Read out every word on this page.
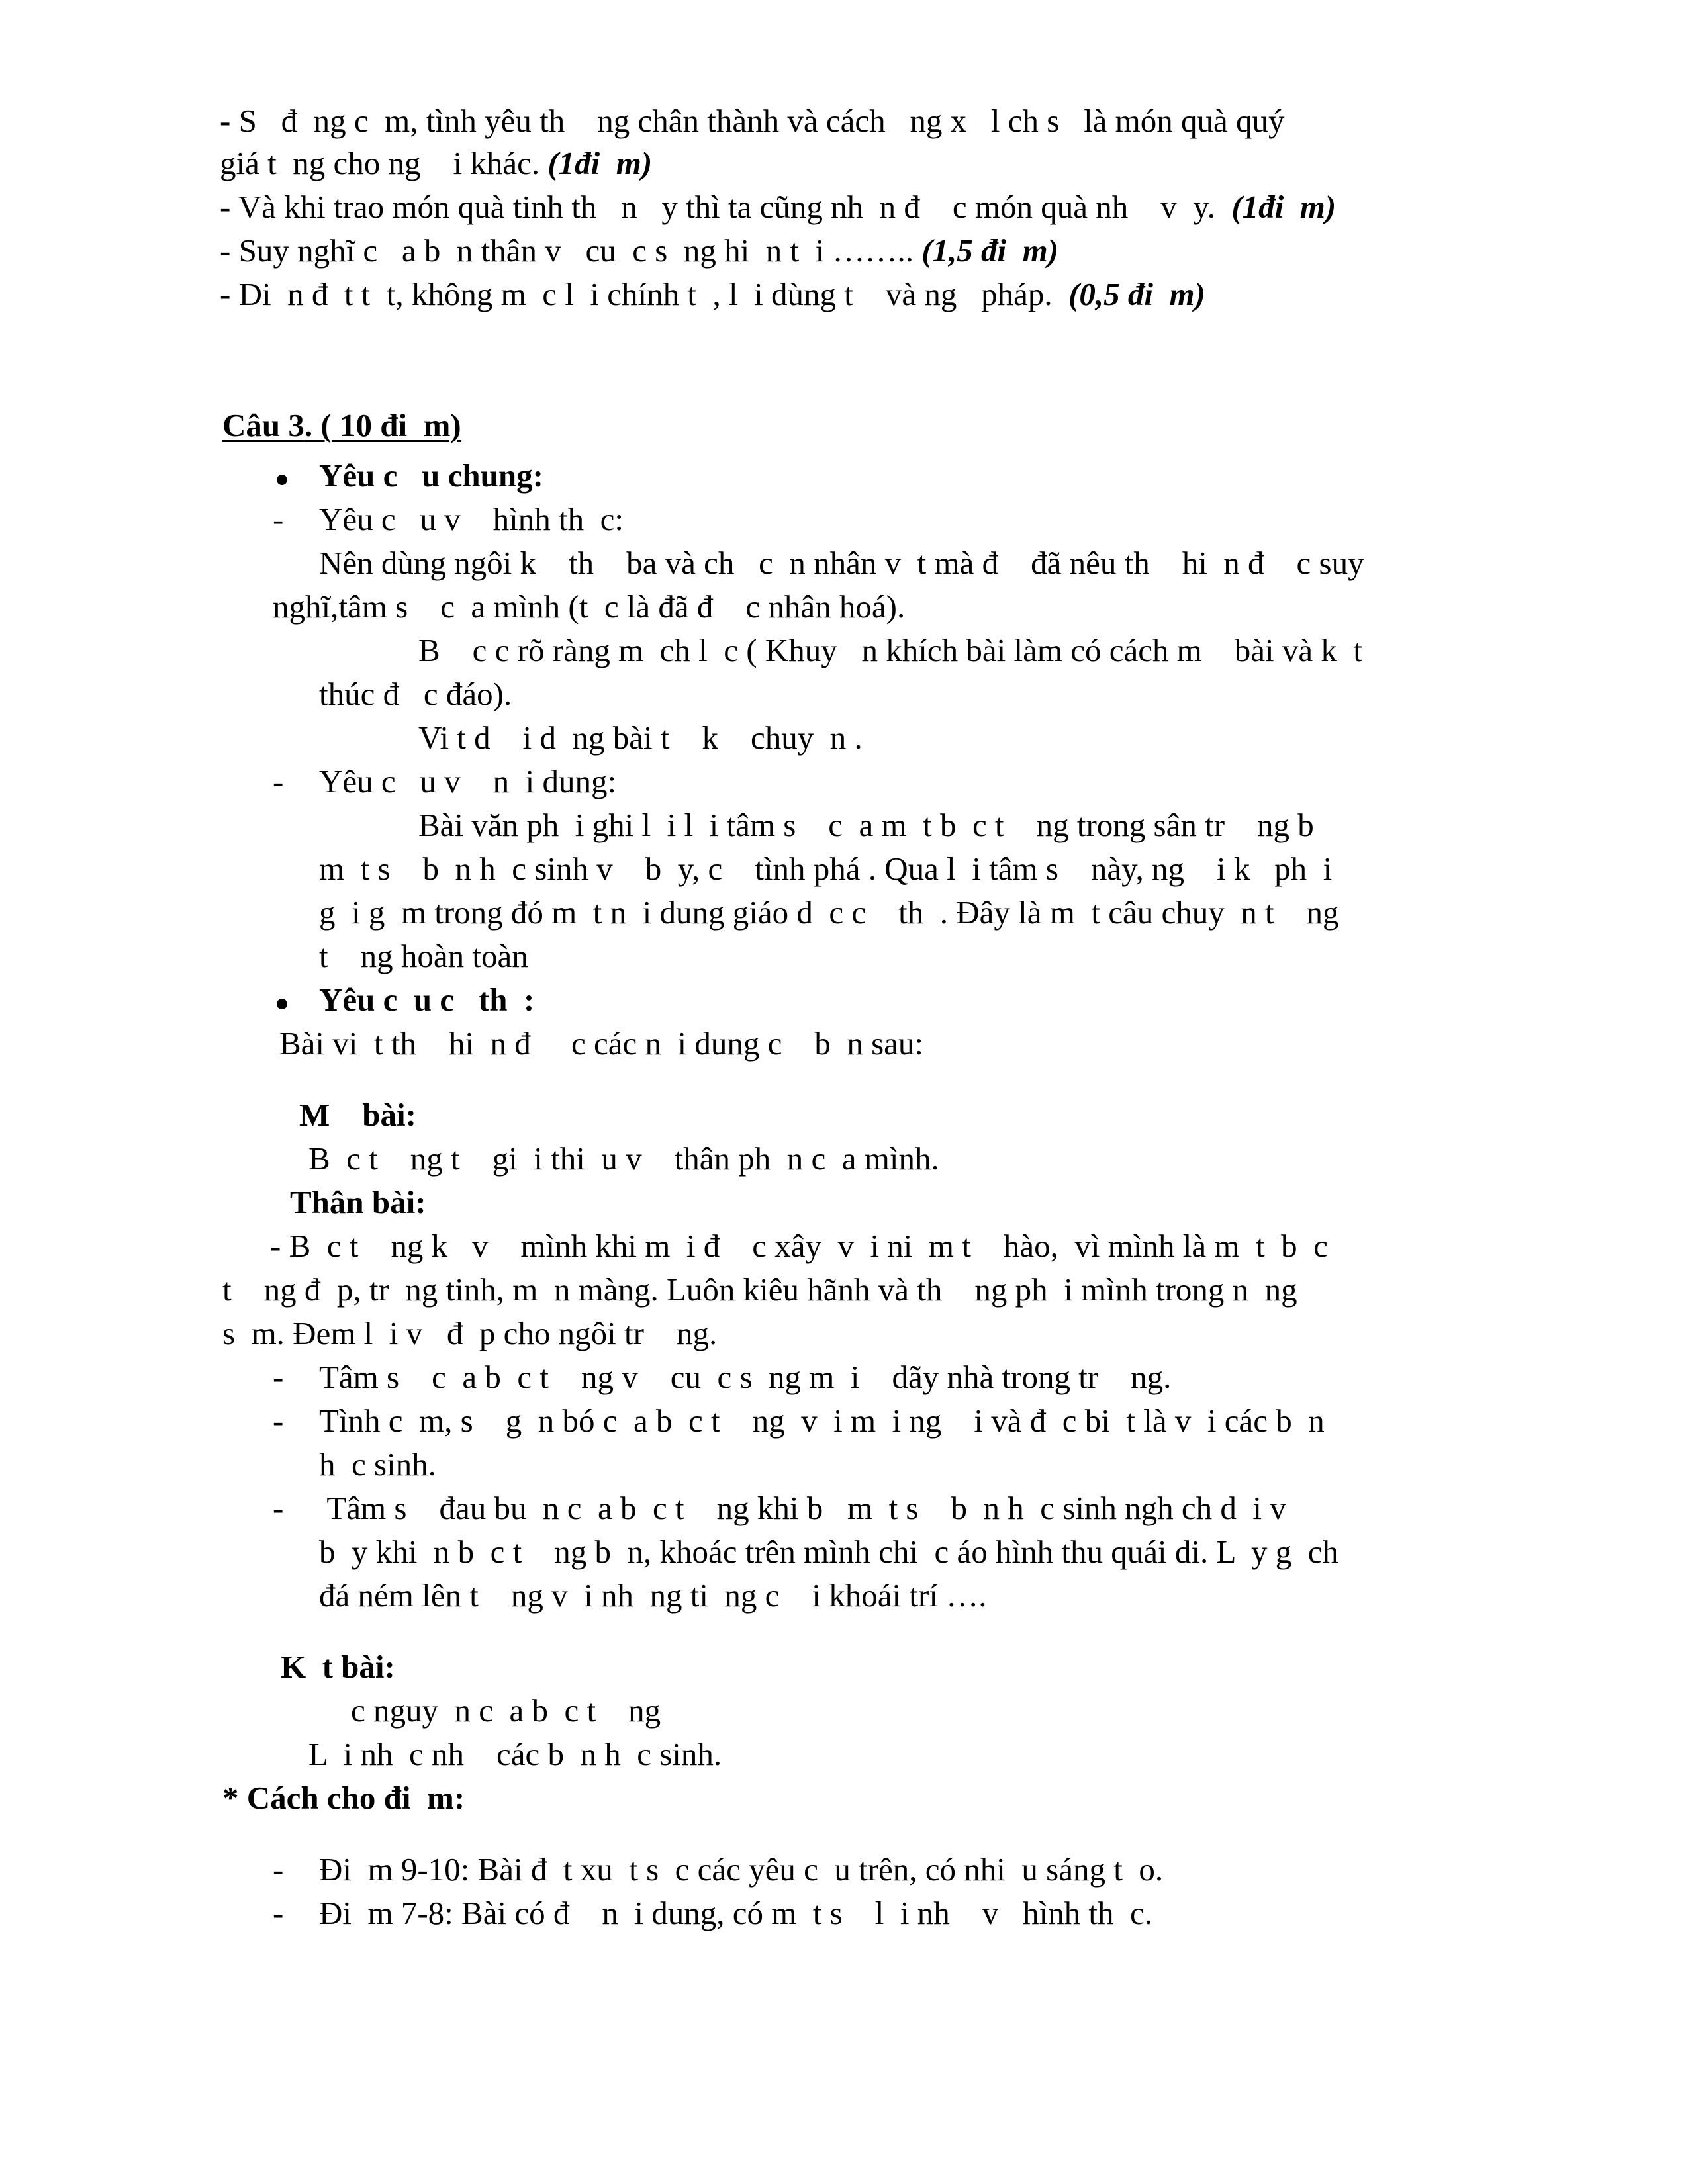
- S   đ  ng c  m, tình yêu th    ng chân thành và cách   ng x   l ch s   là món quà quý

giá t  ng cho ng    i khác. (1đi  m)

- Và khi trao món quà tinh th   n   y thì ta cũng nh  n đ    c món quà nh    v  y.  (1đi  m)

- Suy nghĩ c   a b  n thân v   cu  c s  ng hi  n t  i …….. (1,5 đi  m)

- Di  n đ  t t  t, không m  c l  i chính t  , l  i dùng t    và ng   pháp.  (0,5 đi  m)

Câu 3. ( 10 đi  m)

Yêu c   u chung:

- Yêu c   u v    hình th  c:

Nên dùng ngôi k    th    ba và ch   c  n nhân v  t mà đ    đã nêu th    hi  n đ    c suy

nghĩ,tâm s    c  a mình (t  c là đã đ    c nhân hoá).

B    c c rõ ràng m  ch l  c ( Khuy   n khích bài làm có cách m    bài và k  t

thúc đ   c đáo).

Vi t d    i d  ng bài t    k    chuy  n .

- Yêu c   u v    n  i dung:

Bài văn ph  i ghi l  i l  i tâm s    c  a m  t b  c t    ng trong sân tr    ng b

m  t s    b  n h  c sinh v    b  y, c    tình phá . Qua l  i tâm s    này, ng    i k   ph  i

g  i g  m trong đó m  t n  i dung giáo d  c c    th  . Đây là m  t câu chuy  n t    ng

t    ng hoàn toàn

Yêu c  u c   th  :

Bài vi  t th    hi  n đ     c các n  i dung c    b  n sau:

M    bài:

B  c t    ng t    gi  i thi  u v    thân ph  n c  a mình.

Thân bài:

- B  c t    ng k   v    mình khi m  i đ    c xây  v  i ni  m t    hào,  vì mình là m  t  b  c

t    ng đ  p, tr  ng tinh, m  n màng. Luôn kiêu hãnh và th    ng ph  i mình trong n  ng

s  m. Đem l  i v   đ  p cho ngôi tr    ng.

- Tâm s    c  a b  c t    ng v    cu  c s  ng m  i    dãy nhà trong tr    ng.

- Tình c  m, s    g  n bó c  a b  c t    ng  v  i m  i ng    i và đ  c bi  t là v  i các b  n

h  c sinh.

- Tâm s    đau bu  n c  a b  c t    ng khi b   m  t s    b  n h  c sinh ngh ch d  i v

b  y khi  n b  c t    ng b  n, khoác trên mình chi  c áo hình thu quái di. L  y g  ch

đá ném lên t    ng v  i nh  ng ti  ng c    i khoái trí ….

K  t bài:

c nguy  n c  a b  c t    ng

L  i nh  c nh    các b  n h  c sinh.

* Cách cho đi  m:

- Đi  m 9-10: Bài đ  t xu  t s  c các yêu c  u trên, có nhi  u sáng t  o.

- Đi  m 7-8: Bài có đ    n  i dung, có m  t s    l  i nh    v   hình th  c.
